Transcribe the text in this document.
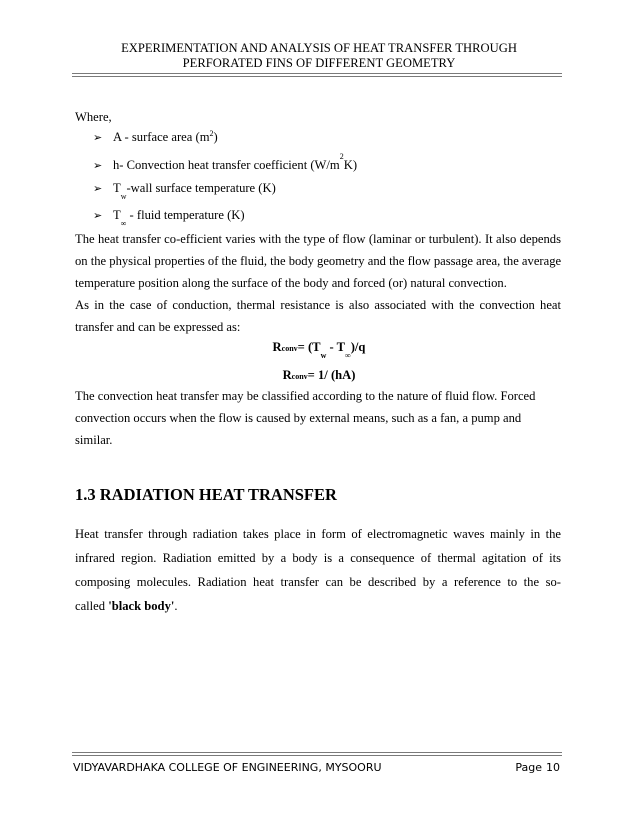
EXPERIMENTATION AND ANALYSIS OF HEAT TRANSFER THROUGH
PERFORATED FINS OF DIFFERENT GEOMETRY
Where,
➢ A - surface area $(m^2)$
➢ h- Convection heat transfer coefficient $(W/m^2K)$
➢ $T_w$-wall surface temperature (K)
➢ $T_\infty$ - fluid temperature (K)
The heat transfer co-efficient varies with the type of flow (laminar or turbulent). It also depends
on the physical properties of the fluid, the body geometry and the flow passage area, the average
temperature position along the surface of the body and forced (or) natural convection.
As in the case of conduction, thermal resistance is also associated with the convection heat
transfer and can be expressed as:
Rconv= $(T_w - T_\infty)/q$
Rconv= 1/ (hA)
The convection heat transfer may be classified according to the nature of fluid flow. Forced
convection occurs when the flow is caused by external means, such as a fan, a pump and
similar.
1.3 RADIATION HEAT TRANSFER
Heat transfer through radiation takes place in form of electromagnetic waves mainly in the
infrared region. Radiation emitted by a body is a consequence of thermal agitation of its
composing molecules. Radiation heat transfer can be described by a reference to the so-
called 'black body'.
VIDYAVARDHAKA COLLEGE OF ENGINEERING, MYSOORU	Page 10
